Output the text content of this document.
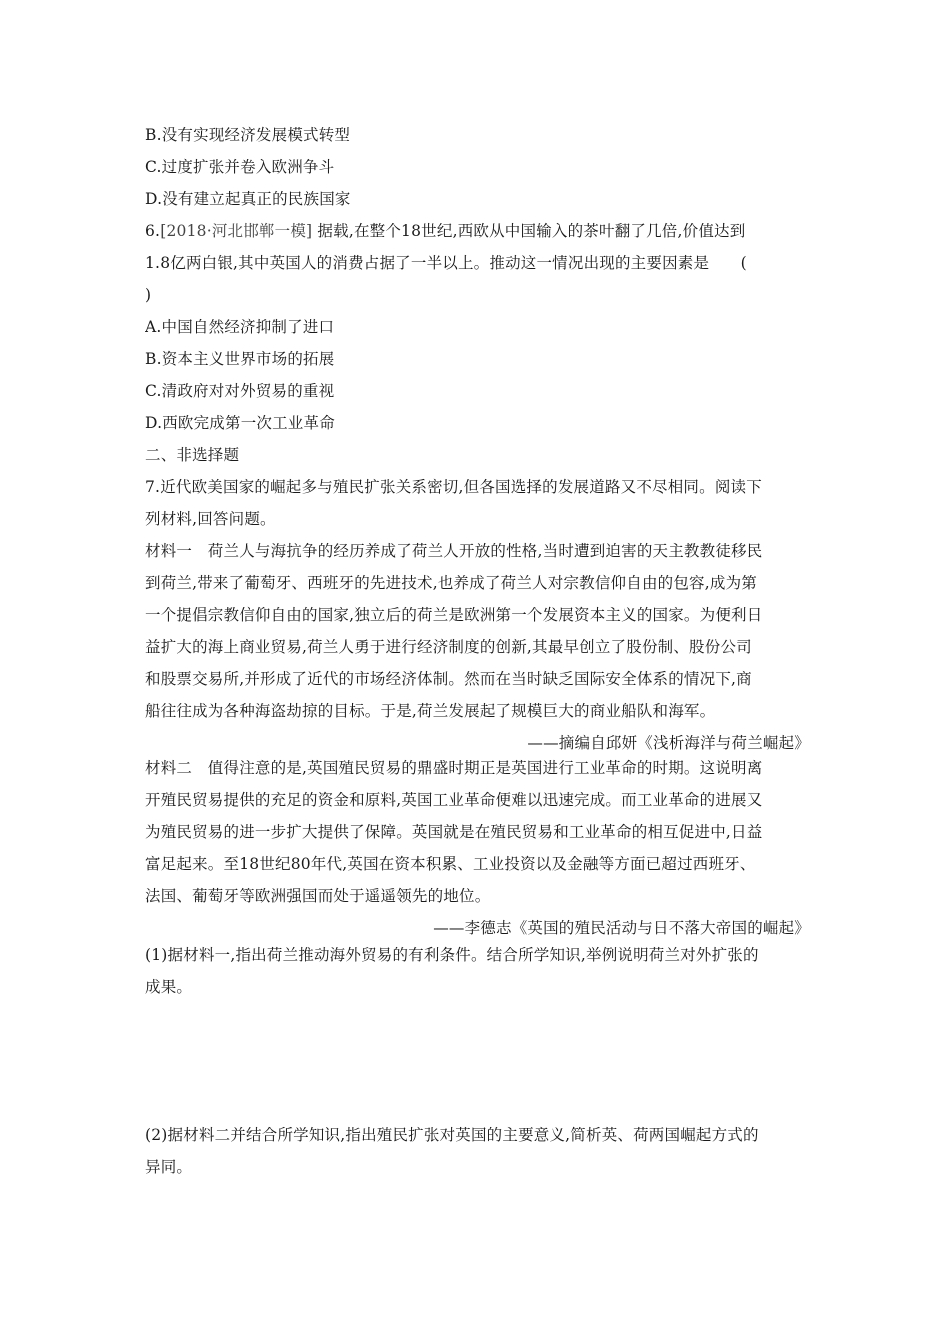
B.没有实现经济发展模式转型
C.过度扩张并卷入欧洲争斗
D.没有建立起真正的民族国家
6.[2018·河北邯郸一模] 据载,在整个18世纪,西欧从中国输入的茶叶翻了几倍,价值达到
1.8亿两白银,其中英国人的消费占据了一半以上。推动这一情况出现的主要因素是　　(
)
A.中国自然经济抑制了进口
B.资本主义世界市场的拓展
C.清政府对对外贸易的重视
D.西欧完成第一次工业革命
二、非选择题
7.近代欧美国家的崛起多与殖民扩张关系密切,但各国选择的发展道路又不尽相同。阅读下
列材料,回答问题。
材料一　荷兰人与海抗争的经历养成了荷兰人开放的性格,当时遭到迫害的天主教教徒移民
到荷兰,带来了葡萄牙、西班牙的先进技术,也养成了荷兰人对宗教信仰自由的包容,成为第
一个提倡宗教信仰自由的国家,独立后的荷兰是欧洲第一个发展资本主义的国家。为便利日
益扩大的海上商业贸易,荷兰人勇于进行经济制度的创新,其最早创立了股份制、股份公司
和股票交易所,并形成了近代的市场经济体制。然而在当时缺乏国际安全体系的情况下,商
船往往成为各种海盗劫掠的目标。于是,荷兰发展起了规模巨大的商业船队和海军。
——摘编自邱妍《浅析海洋与荷兰崛起》
材料二　值得注意的是,英国殖民贸易的鼎盛时期正是英国进行工业革命的时期。这说明离
开殖民贸易提供的充足的资金和原料,英国工业革命便难以迅速完成。而工业革命的进展又
为殖民贸易的进一步扩大提供了保障。英国就是在殖民贸易和工业革命的相互促进中,日益
富足起来。至18世纪80年代,英国在资本积累、工业投资以及金融等方面已超过西班牙、
法国、葡萄牙等欧洲强国而处于遥遥领先的地位。
——李德志《英国的殖民活动与日不落大帝国的崛起》
(1)据材料一,指出荷兰推动海外贸易的有利条件。结合所学知识,举例说明荷兰对外扩张的
成果。
(2)据材料二并结合所学知识,指出殖民扩张对英国的主要意义,简析英、荷两国崛起方式的
异同。
